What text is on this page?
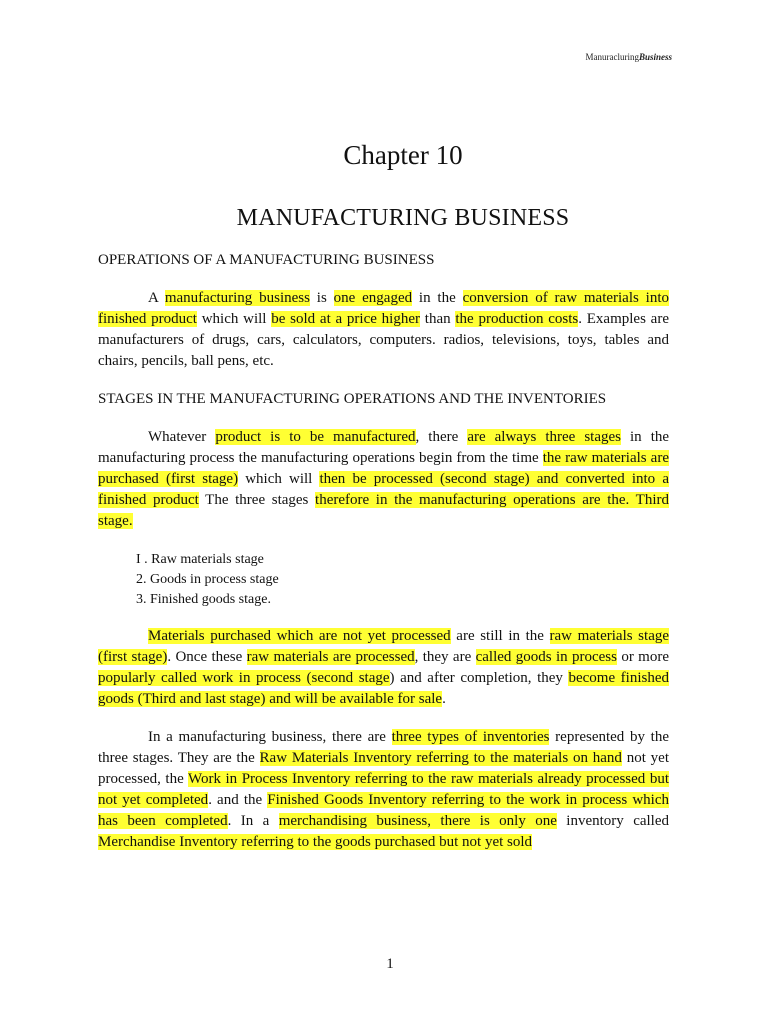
ManuracluringBusiness
Chapter 10
MANUFACTURING BUSINESS

OPERATIONS OF A MANUFACTURING BUSINESS

A manufacturing business is one engaged in the conversion of raw materials into finished product which will be sold at a price higher than the production costs. Examples are manufacturers of drugs, cars, calculators, computers. radios, televisions, toys, tables and chairs, pencils, ball pens, etc.

STAGES IN THE MANUFACTURING OPERATIONS AND THE INVENTORIES

Whatever product is to be manufactured, there are always three stages in the manufacturing process the manufacturing operations begin from the time the raw materials are purchased (first stage) which will then be processed (second stage) and converted into a finished product The three stages therefore in the manufacturing operations are the. Third stage.

I . Raw materials stage
2. Goods in process stage
3. Finished goods stage.

Materials purchased which are not yet processed are still in the raw materials stage (first stage). Once these raw materials are processed, they are called goods in process or more popularly called work in process (second stage) and after completion, they become finished goods (Third and last stage) and will be available for sale.

In a manufacturing business, there are three types of inventories represented by the three stages. They are the Raw Materials Inventory referring to the materials on hand not yet processed, the Work in Process Inventory referring to the raw materials already processed but not yet completed. and the Finished Goods Inventory referring to the work in process which has been completed. In a merchandising business, there is only one inventory called Merchandise Inventory referring to the goods purchased but not yet sold

1
